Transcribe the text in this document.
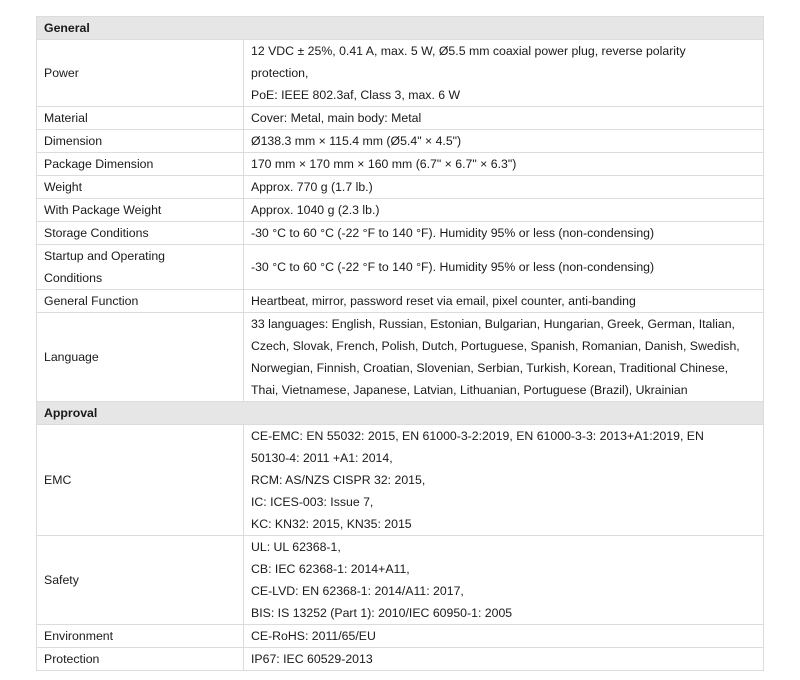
General	

Power	12 VDC ± 25%, 0.41 A, max. 5 W, Ø5.5 mm coaxial power plug, reverse polarity
protection,
PoE: IEEE 802.3af, Class 3, max. 6 W

Material	Cover: Metal, main body: Metal

Dimension	Ø138.3 mm × 115.4 mm (Ø5.4" × 4.5")

Package Dimension	170 mm × 170 mm × 160 mm (6.7" × 6.7" × 6.3")

Weight	Approx. 770 g (1.7 lb.)

With Package Weight	Approx. 1040 g (2.3 lb.)

Storage Conditions	-30 °C to 60 °C (-22 °F to 140 °F). Humidity 95% or less (non-condensing)

Startup and Operating
Conditions	-30 °C to 60 °C (-22 °F to 140 °F). Humidity 95% or less (non-condensing)

General Function	Heartbeat, mirror, password reset via email, pixel counter, anti-banding

Language	33 languages: English, Russian, Estonian, Bulgarian, Hungarian, Greek, German, Italian,
Czech, Slovak, French, Polish, Dutch, Portuguese, Spanish, Romanian, Danish, Swedish,
Norwegian, Finnish, Croatian, Slovenian, Serbian, Turkish, Korean, Traditional Chinese,
Thai, Vietnamese, Japanese, Latvian, Lithuanian, Portuguese (Brazil), Ukrainian

Approval	

EMC	CE-EMC: EN 55032: 2015, EN 61000-3-2:2019, EN 61000-3-3: 2013+A1:2019, EN
50130-4: 2011 +A1: 2014,
RCM: AS/NZS CISPR 32: 2015,
IC: ICES-003: Issue 7,
KC: KN32: 2015, KN35: 2015

Safety	UL: UL 62368-1,
CB: IEC 62368-1: 2014+A11,
CE-LVD: EN 62368-1: 2014/A11: 2017,
BIS: IS 13252 (Part 1): 2010/IEC 60950-1: 2005

Environment	CE-RoHS: 2011/65/EU

Protection	IP67: IEC 60529-2013
